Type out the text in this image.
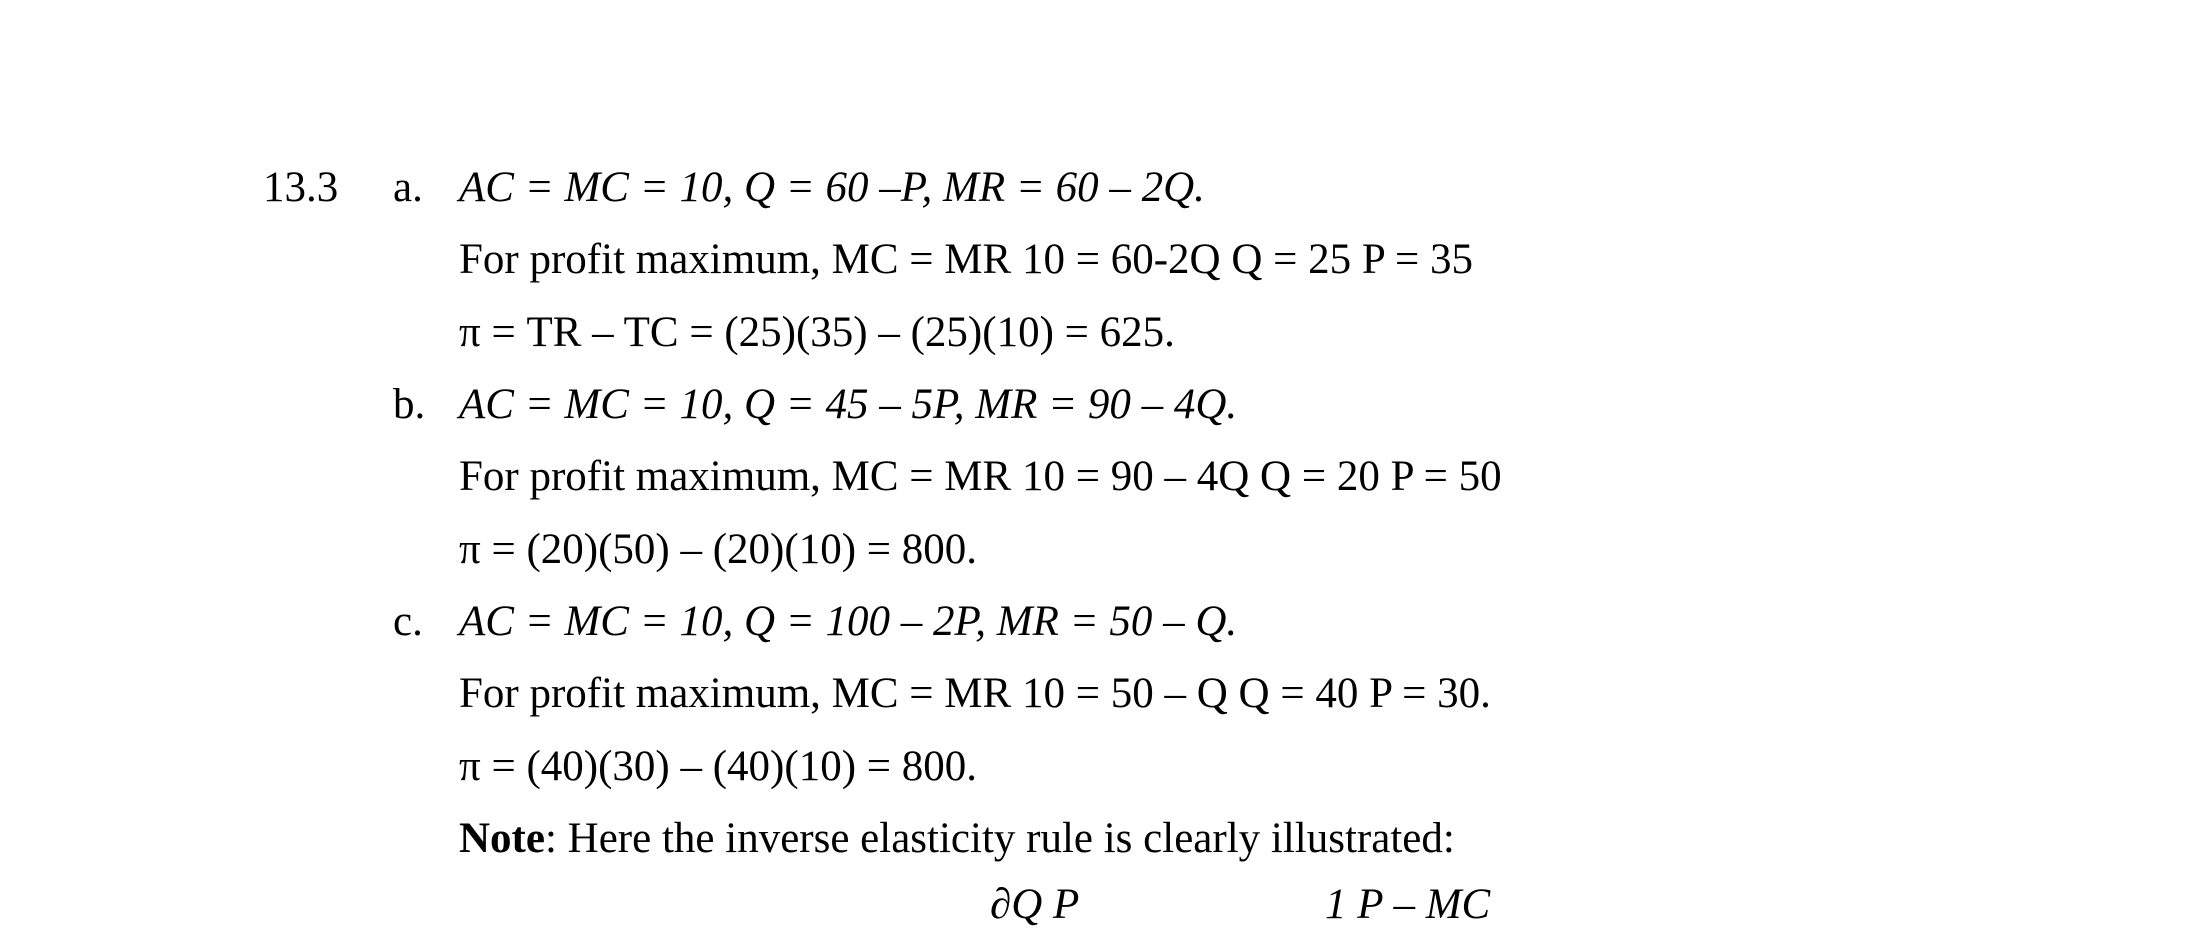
13.3 a. AC = MC = 10, Q = 60 –P, MR = 60 – 2Q.
For profit maximum, MC = MR 10 = 60-2Q Q = 25 P = 35
π = TR – TC = (25)(35) – (25)(10) = 625.
b. AC = MC = 10, Q = 45 – 5P, MR = 90 – 4Q.
For profit maximum, MC = MR 10 = 90 – 4Q Q = 20 P = 50
π = (20)(50) – (20)(10) = 800.
c. AC = MC = 10, Q = 100 – 2P, MR = 50 – Q.
For profit maximum, MC = MR 10 = 50 – Q Q = 40 P = 30.
π = (40)(30) – (40)(10) = 800.
Note: Here the inverse elasticity rule is clearly illustrated:
∂Q P	1 P – MC
